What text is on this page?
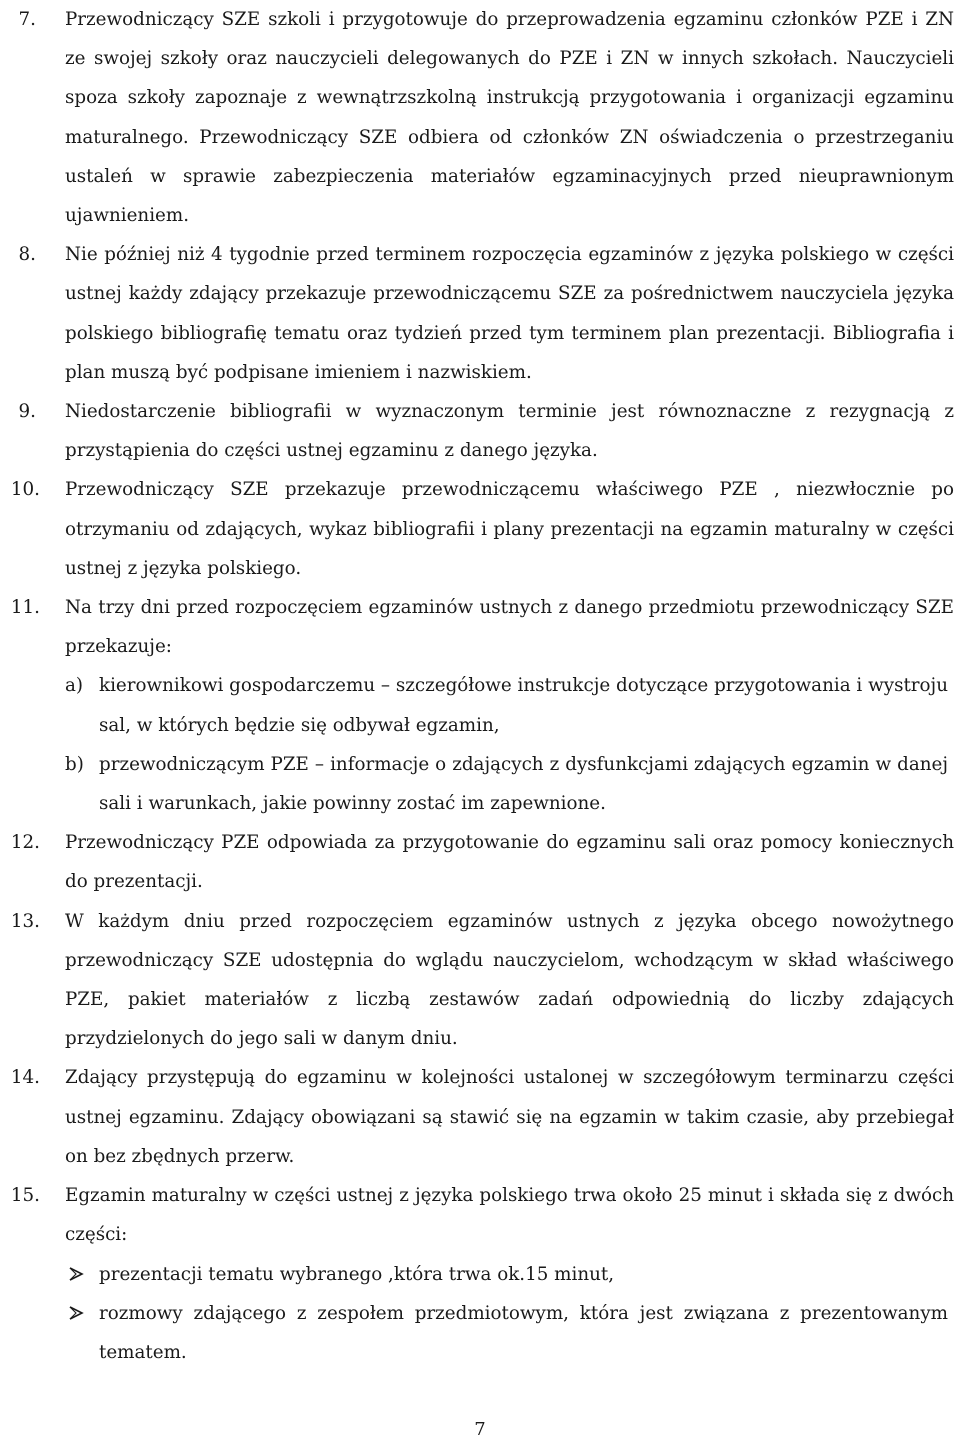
7. Przewodniczący SZE szkoli i przygotowuje do przeprowadzenia egzaminu członków PZE i ZN ze swojej szkoły oraz nauczycieli delegowanych do PZE i ZN w innych szkołach. Nauczycieli spoza szkoły zapoznaje z wewnątrzszkolną instrukcją przygotowania i organizacji egzaminu maturalnego. Przewodniczący SZE odbiera od członków ZN oświadczenia o przestrzeganiu ustaleń w sprawie zabezpieczenia materiałów egzaminacyjnych przed nieuprawnionym ujawnieniem.
8. Nie później niż 4 tygodnie przed terminem rozpoczęcia egzaminów z języka polskiego w części ustnej każdy zdający przekazuje przewodniczącemu SZE za pośrednictwem nauczyciela języka polskiego bibliografię tematu oraz tydzień przed tym terminem plan prezentacji. Bibliografia i plan muszą być podpisane imieniem i nazwiskiem.
9. Niedostarczenie bibliografii w wyznaczonym terminie jest równoznaczne z rezygnacją z przystąpienia do części ustnej egzaminu z danego języka.
10. Przewodniczący SZE przekazuje przewodniczącemu właściwego PZE , niezwłocznie po otrzymaniu od zdających, wykaz bibliografii i plany prezentacji na egzamin maturalny w części ustnej z języka polskiego.
11. Na trzy dni przed rozpoczęciem egzaminów ustnych z danego przedmiotu przewodniczący SZE przekazuje:
a) kierownikowi gospodarczemu – szczegółowe instrukcje dotyczące przygotowania i wystroju sal, w których będzie się odbywał egzamin,
b) przewodniczącym PZE – informacje o zdających z dysfunkcjami zdających egzamin w danej sali i warunkach, jakie powinny zostać im zapewnione.
12. Przewodniczący PZE odpowiada za przygotowanie do egzaminu sali oraz pomocy koniecznych do prezentacji.
13. W każdym dniu przed rozpoczęciem egzaminów ustnych z języka obcego nowożytnego przewodniczący SZE udostępnia do wglądu nauczycielom, wchodzącym w skład właściwego PZE, pakiet materiałów z liczbą zestawów zadań odpowiednią do liczby zdających przydzielonych do jego sali w danym dniu.
14. Zdający przystępują do egzaminu w kolejności ustalonej w szczegółowym terminarzu części ustnej egzaminu. Zdający obowiązani są stawić się na egzamin w takim czasie, aby przebiegał on bez zbędnych przerw.
15. Egzamin maturalny w części ustnej z języka polskiego trwa około 25 minut i składa się z dwóch części:
prezentacji tematu wybranego ,która trwa ok.15 minut,
rozmowy zdającego z zespołem przedmiotowym, która jest związana z prezentowanym tematem.
7
